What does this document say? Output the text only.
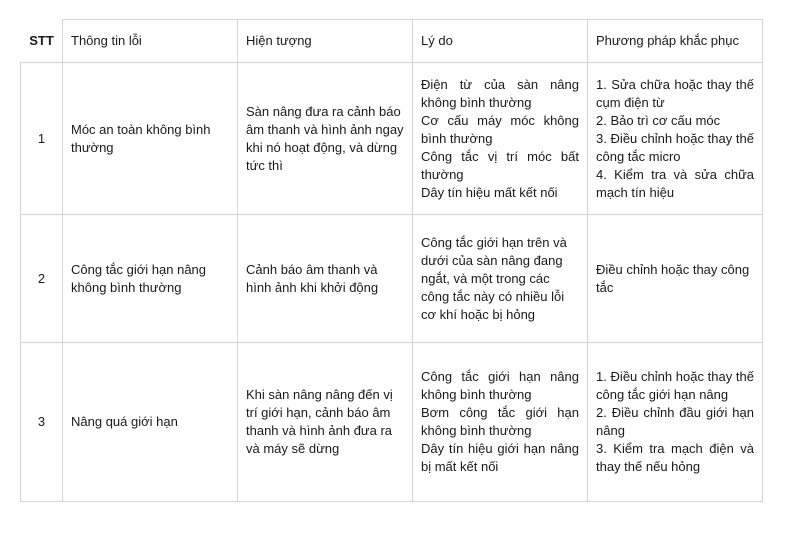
STT	Thông tin lỗi	Hiện tượng	Lý do	Phương pháp khắc phục
1	Móc an toàn không bình thường	Sàn nâng đưa ra cảnh báo âm thanh và hình ảnh ngay khi nó hoạt động, và dừng tức thì	Điện từ của sàn nâng không bình thường
Cơ cấu máy móc không bình thường
Công tắc vị trí móc bất thường
Dây tín hiệu mất kết nối	1. Sửa chữa hoặc thay thế cụm điện từ
2. Bảo trì cơ cấu móc
3. Điều chỉnh hoặc thay thế công tắc micro
4. Kiểm tra và sửa chữa mạch tín hiệu

2	Công tắc giới hạn nâng không bình thường	Cảnh báo âm thanh và hình ảnh khi khởi động	Công tắc giới hạn trên và dưới của sàn nâng đang ngắt, và một trong các công tắc này có nhiều lỗi cơ khí hoặc bị hỏng	Điều chỉnh hoặc thay công tắc

3	Nâng quá giới hạn	Khi sàn nâng nâng đến vị trí giới hạn, cảnh báo âm thanh và hình ảnh đưa ra và máy sẽ dừng	Công tắc giới hạn nâng không bình thường
Bơm công tắc giới hạn không bình thường
Dây tín hiệu giới hạn nâng bị mất kết nối	1. Điều chỉnh hoặc thay thế công tắc giới hạn nâng
2. Điều chỉnh đầu giới hạn nâng
3. Kiểm tra mạch điện và thay thế nếu hỏng
